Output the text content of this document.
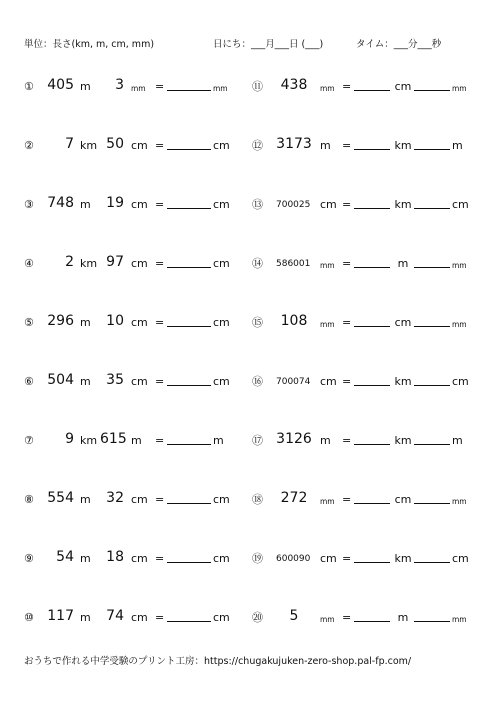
単位：長さ(km, m, cm, mm)	日にち：___月___日 (___)	タイム：___分___秒
① 405 m	3 mm =	mm
②	7 km 50 cm =	cm
③ 748 m	19 cm =	cm
④	2 km 97 cm =	cm
⑤ 296 m	10 cm =	cm
⑥ 504 m	35 cm =	cm
⑦	9 km 615 m =	m
⑧ 554 m	32 cm =	cm
⑨	54 m	18 cm =	cm
⑩ 117 m	74 cm =	cm
⑪	438	mm =	cm	mm
⑫ 3173 m =	km	m
⑬ 700025 cm =	km	cm
⑭ 586001	mm =	m	mm
⑮	108	mm =	cm	mm
⑯ 700074 cm =	km	cm
⑰ 3126 m =	km	m
⑱	272	mm =	cm	mm
⑲ 600090 cm =	km	cm
⑳	5	mm =	m	mm
おうちで作れる中学受験のプリント工房：https://chugakujuken-zero-shop.pal-fp.com/
